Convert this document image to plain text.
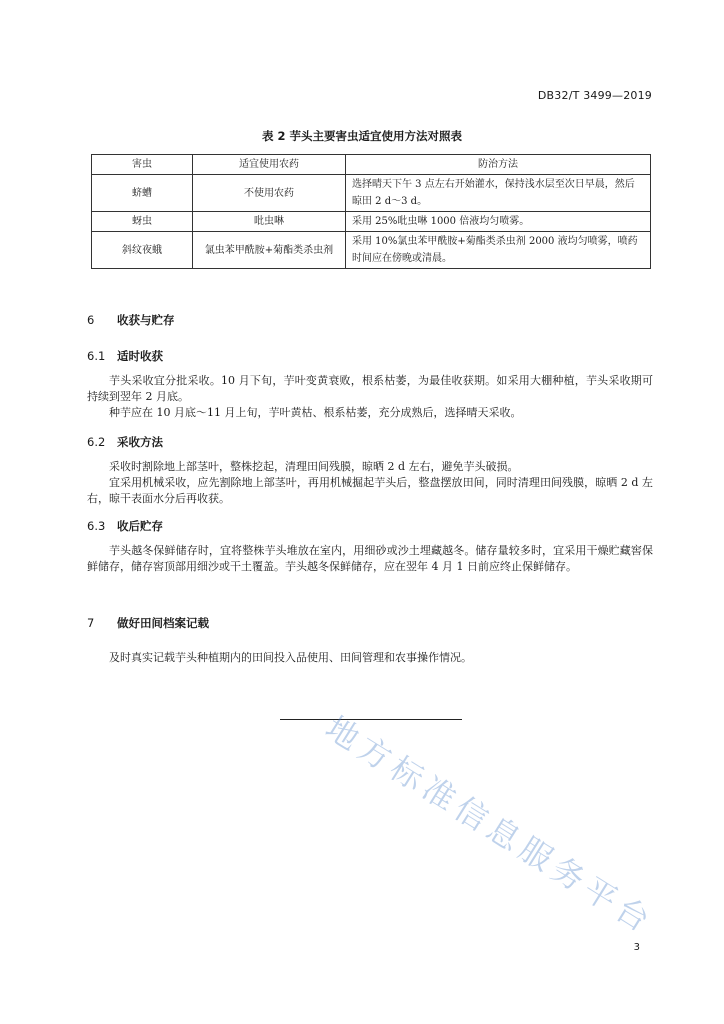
DB32/T 3499—2019
表 2 芋头主要害虫适宜使用方法对照表
害虫	适宜使用农药	防治方法
蛴螬	不使用农药	选择晴天下午 3 点左右开始灌水，保持浅水层至次日早晨，然后晾田 2 d～3 d。
蚜虫	吡虫啉	采用 25%吡虫啉 1000 倍液均匀喷雾。
斜纹夜蛾	氯虫苯甲酰胺+菊酯类杀虫剂	采用 10%氯虫苯甲酰胺+菊酯类杀虫剂 2000 液均匀喷雾，喷药时间应在傍晚或清晨。
6 收获与贮存
6.1 适时收获
芋头采收宜分批采收。10 月下旬，芋叶变黄衰败，根系枯萎，为最佳收获期。如采用大棚种植，芋头采收期可持续到翌年 2 月底。
种芋应在 10 月底～11 月上旬，芋叶黄枯、根系枯萎，充分成熟后，选择晴天采收。
6.2 采收方法
采收时割除地上部茎叶，整株挖起，清理田间残膜，晾晒 2 d 左右，避免芋头破损。
宜采用机械采收，应先割除地上部茎叶，再用机械掘起芋头后，整盘摆放田间，同时清理田间残膜，晾晒 2 d 左右，晾干表面水分后再收获。
6.3 收后贮存
芋头越冬保鲜储存时，宜将整株芋头堆放在室内，用细砂或沙土埋藏越冬。储存量较多时，宜采用干燥贮藏窖保鲜储存，储存窖顶部用细沙或干土覆盖。芋头越冬保鲜储存，应在翌年 4 月 1 日前应终止保鲜储存。
7 做好田间档案记载
及时真实记载芋头种植期内的田间投入品使用、田间管理和农事操作情况。
地方标准信息服务平台
3
